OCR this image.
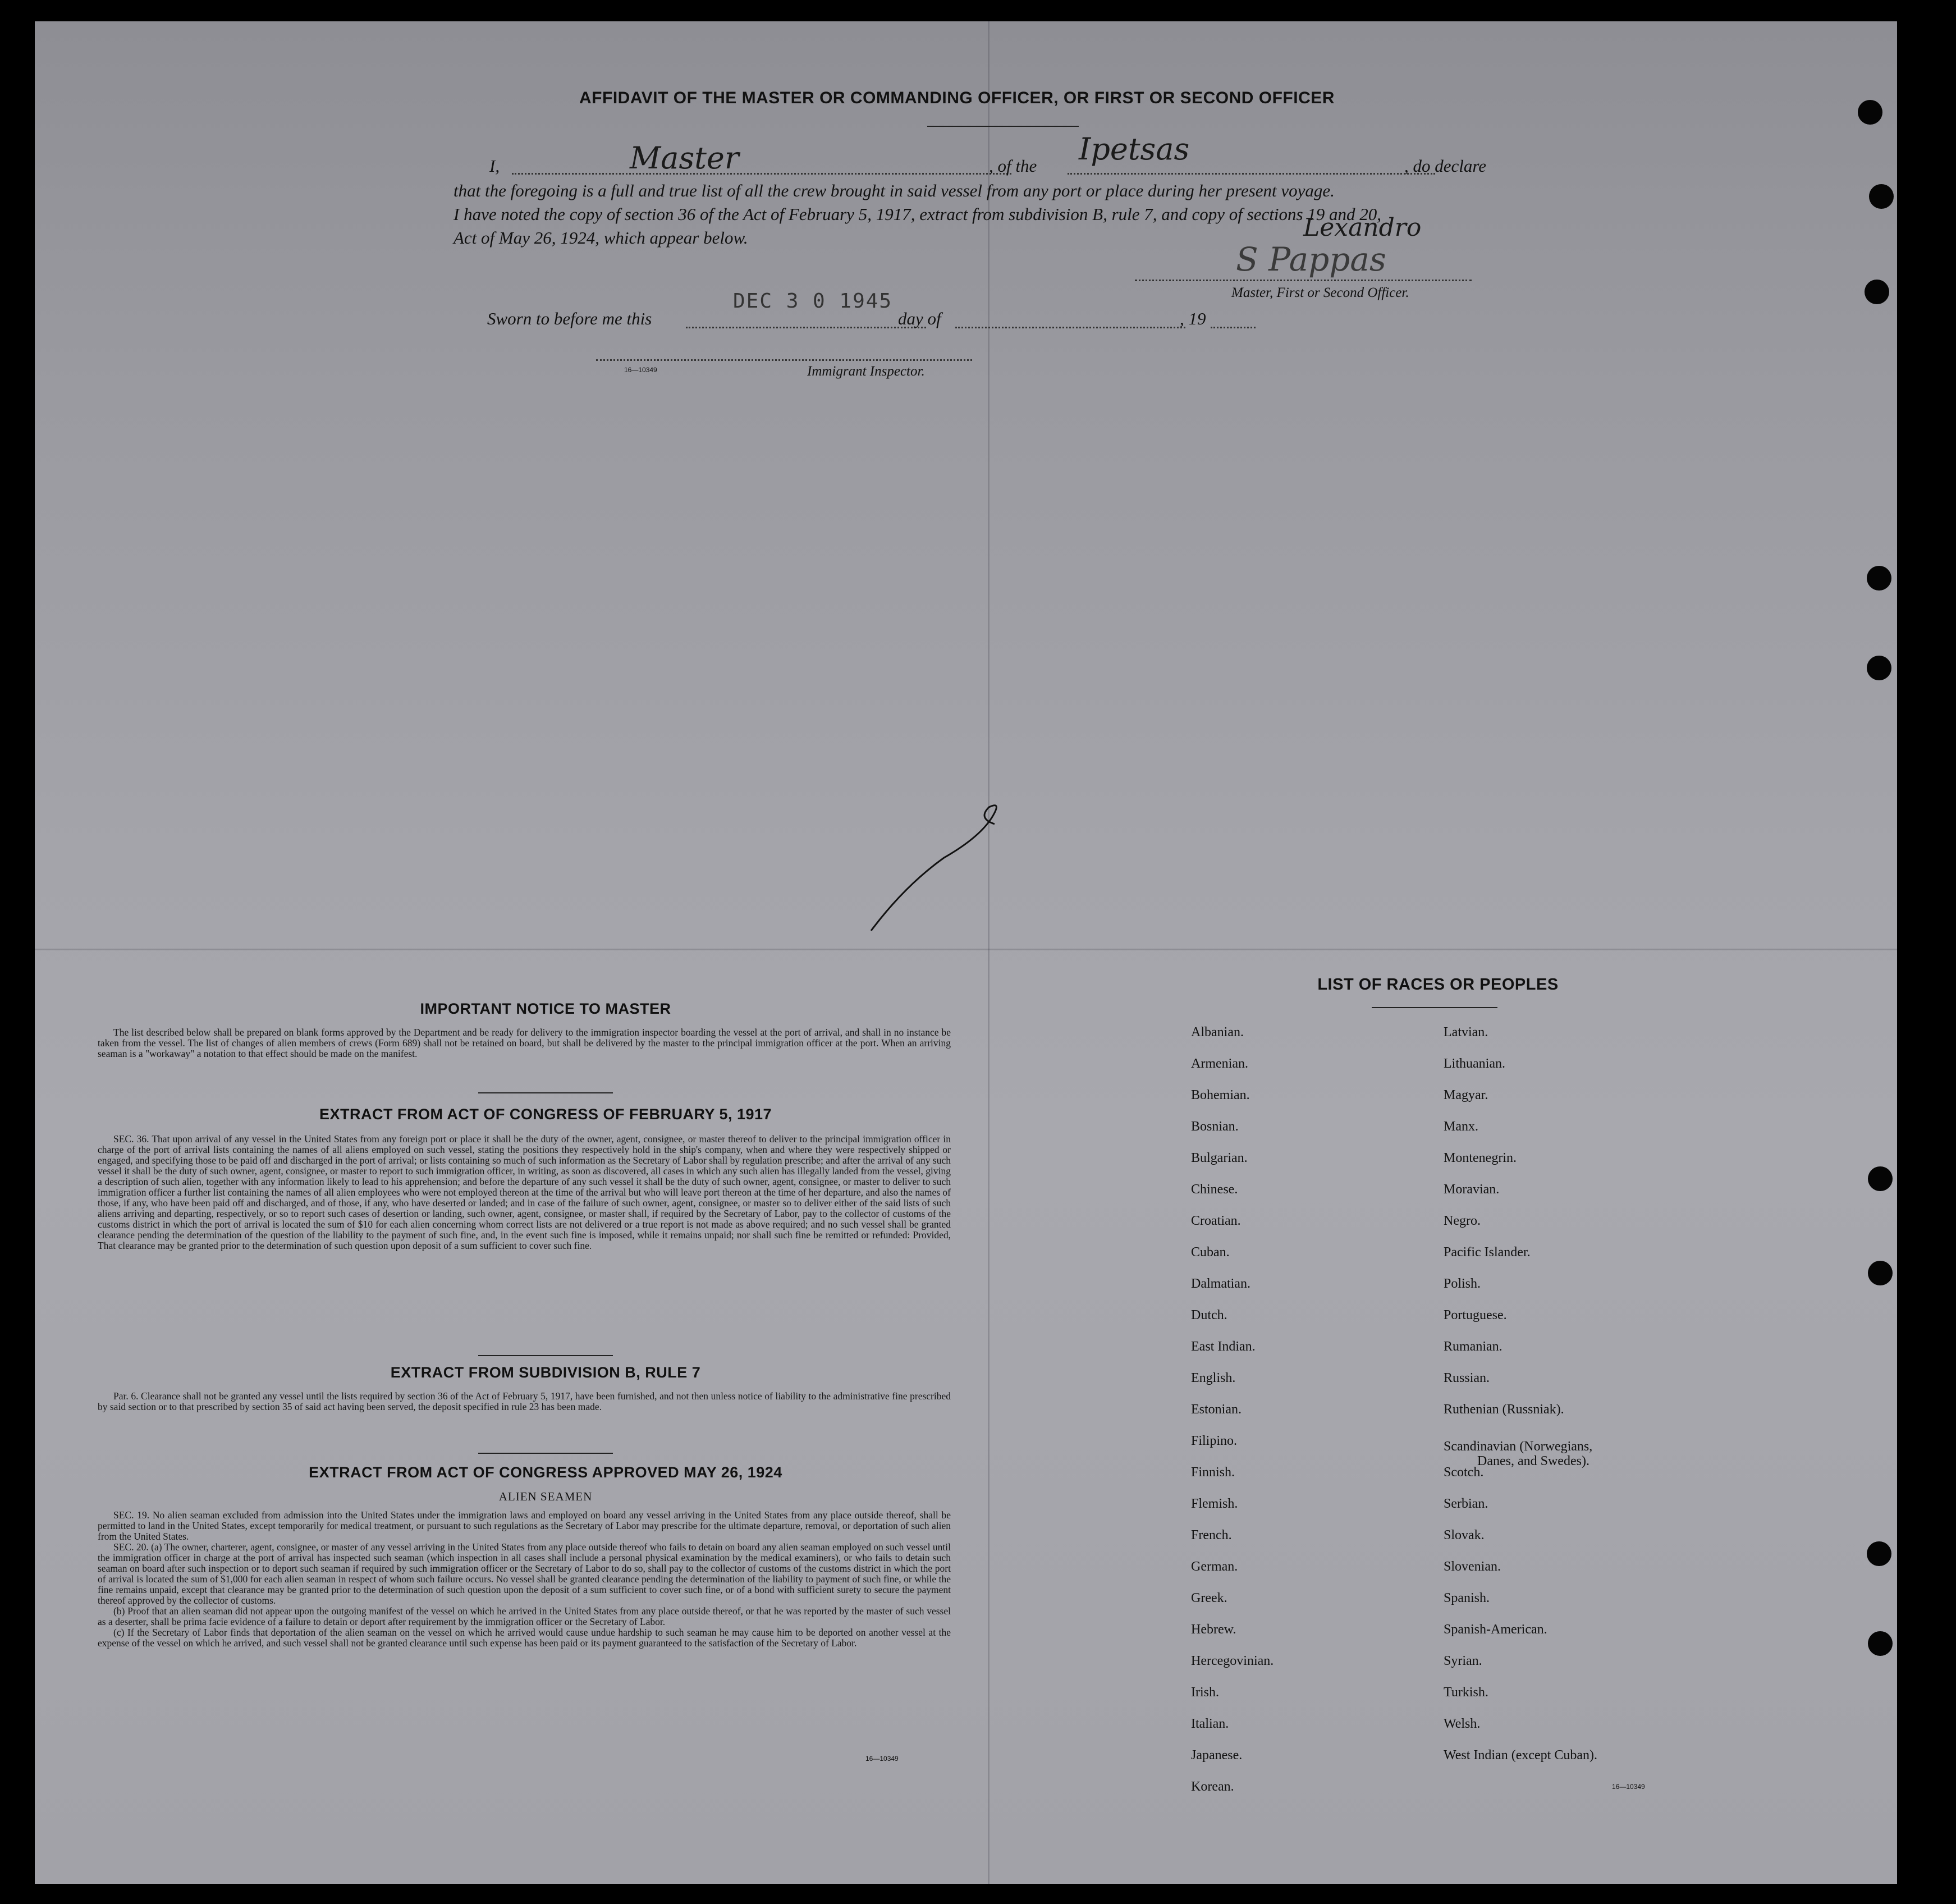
AFFIDAVIT OF THE MASTER OR COMMANDING OFFICER, OR FIRST OR SECOND OFFICER
I,	Master	, of the Ipetsas	, do declare
that the foregoing is a full and true list of all the crew brought in said vessel from any port or place during her present voyage.
I have noted the copy of section 36 of the Act of February 5, 1917, extract from subdivision B, rule 7, and copy of sections 19 and 20,
Act of May 26, 1924, which appear below.	Lexandro
S Pappas
Master, First or Second Officer.
Sworn to before me this
DEC 3 0 1945
day of	, 19
16—10349	Immigrant Inspector.
IMPORTANT NOTICE TO MASTER
The list described below shall be prepared on blank forms approved by the Department and be ready for delivery to the immigration inspector boarding the vessel at the port of arrival, and shall in no instance be taken from the vessel. The list of changes of alien members of crews (Form 689) shall not be retained on board, but shall be delivered by the master to the principal immigration officer at the port. When an arriving seaman is a "workaway" a notation to that effect should be made on the manifest.
EXTRACT FROM ACT OF CONGRESS OF FEBRUARY 5, 1917
SEC. 36. That upon arrival of any vessel in the United States from any foreign port or place it shall be the duty of the owner, agent, consignee, or master thereof to deliver to the principal immigration officer in charge of the port of arrival lists containing the names of all aliens employed on such vessel, stating the positions they respectively hold in the ship's company, when and where they were respectively shipped or engaged, and specifying those to be paid off and discharged in the port of arrival; or lists containing so much of such information as the Secretary of Labor shall by regulation prescribe; and after the arrival of any such vessel it shall be the duty of such owner, agent, consignee, or master to report to such immigration officer, in writing, as soon as discovered, all cases in which any such alien has illegally landed from the vessel, giving a description of such alien, together with any information likely to lead to his apprehension; and before the departure of any such vessel it shall be the duty of such owner, agent, consignee, or master to deliver to such immigration officer a further list containing the names of all alien employees who were not employed thereon at the time of the arrival but who will leave port thereon at the time of her departure, and also the names of those, if any, who have been paid off and discharged, and of those, if any, who have deserted or landed; and in case of the failure of such owner, agent, consignee, or master so to deliver either of the said lists of such aliens arriving and departing, respectively, or so to report such cases of desertion or landing, such owner, agent, consignee, or master shall, if required by the Secretary of Labor, pay to the collector of customs of the customs district in which the port of arrival is located the sum of $10 for each alien concerning whom correct lists are not delivered or a true report is not made as above required; and no such vessel shall be granted clearance pending the determination of the question of the liability to the payment of such fine, and, in the event such fine is imposed, while it remains unpaid; nor shall such fine be remitted or refunded: Provided, That clearance may be granted prior to the determination of such question upon deposit of a sum sufficient to cover such fine.
EXTRACT FROM SUBDIVISION B, RULE 7
Par. 6. Clearance shall not be granted any vessel until the lists required by section 36 of the Act of February 5, 1917, have been furnished, and not then unless notice of liability to the administrative fine prescribed by said section or to that prescribed by section 35 of said act having been served, the deposit specified in rule 23 has been made.
EXTRACT FROM ACT OF CONGRESS APPROVED MAY 26, 1924
ALIEN SEAMEN
SEC. 19. No alien seaman excluded from admission into the United States under the immigration laws and employed on board any vessel arriving in the United States from any place outside thereof, shall be permitted to land in the United States, except temporarily for medical treatment, or pursuant to such regulations as the Secretary of Labor may prescribe for the ultimate departure, removal, or deportation of such alien from the United States.
SEC. 20. (a) The owner, charterer, agent, consignee, or master of any vessel arriving in the United States from any place outside thereof who fails to detain on board any alien seaman employed on such vessel until the immigration officer in charge at the port of arrival has inspected such seaman (which inspection in all cases shall include a personal physical examination by the medical examiners), or who fails to detain such seaman on board after such inspection or to deport such seaman if required by such immigration officer or the Secretary of Labor to do so, shall pay to the collector of customs of the customs district in which the port of arrival is located the sum of $1,000 for each alien seaman in respect of whom such failure occurs. No vessel shall be granted clearance pending the determination of the liability to payment of such fine, or while the fine remains unpaid, except that clearance may be granted prior to the determination of such question upon the deposit of a sum sufficient to cover such fine, or of a bond with sufficient surety to secure the payment thereof approved by the collector of customs.
(b) Proof that an alien seaman did not appear upon the outgoing manifest of the vessel on which he arrived in the United States from any place outside thereof, or that he was reported by the master of such vessel as a deserter, shall be prima facie evidence of a failure to detain or deport after requirement by the immigration officer or the Secretary of Labor.
(c) If the Secretary of Labor finds that deportation of the alien seaman on the vessel on which he arrived would cause undue hardship to such seaman he may cause him to be deported on another vessel at the expense of the vessel on which he arrived, and such vessel shall not be granted clearance until such expense has been paid or its payment guaranteed to the satisfaction of the Secretary of Labor.
16—10349
LIST OF RACES OR PEOPLES
Albanian.
Armenian.
Bohemian.
Bosnian.
Bulgarian.
Chinese.
Croatian.
Cuban.
Dalmatian.
Dutch.
East Indian.
English.
Estonian.
Filipino.
Finnish.
Flemish.
French.
German.
Greek.
Hebrew.
Hercegovinian.
Irish.
Italian.
Japanese.
Korean.
Latvian.
Lithuanian.
Magyar.
Manx.
Montenegrin.
Moravian.
Negro.
Pacific Islander.
Polish.
Portuguese.
Rumanian.
Russian.
Ruthenian (Russniak).
Scandinavian (Norwegians,
Danes, and Swedes).
Scotch.
Serbian.
Slovak.
Slovenian.
Spanish.
Spanish-American.
Syrian.
Turkish.
Welsh.
West Indian (except Cuban).
16—10349
